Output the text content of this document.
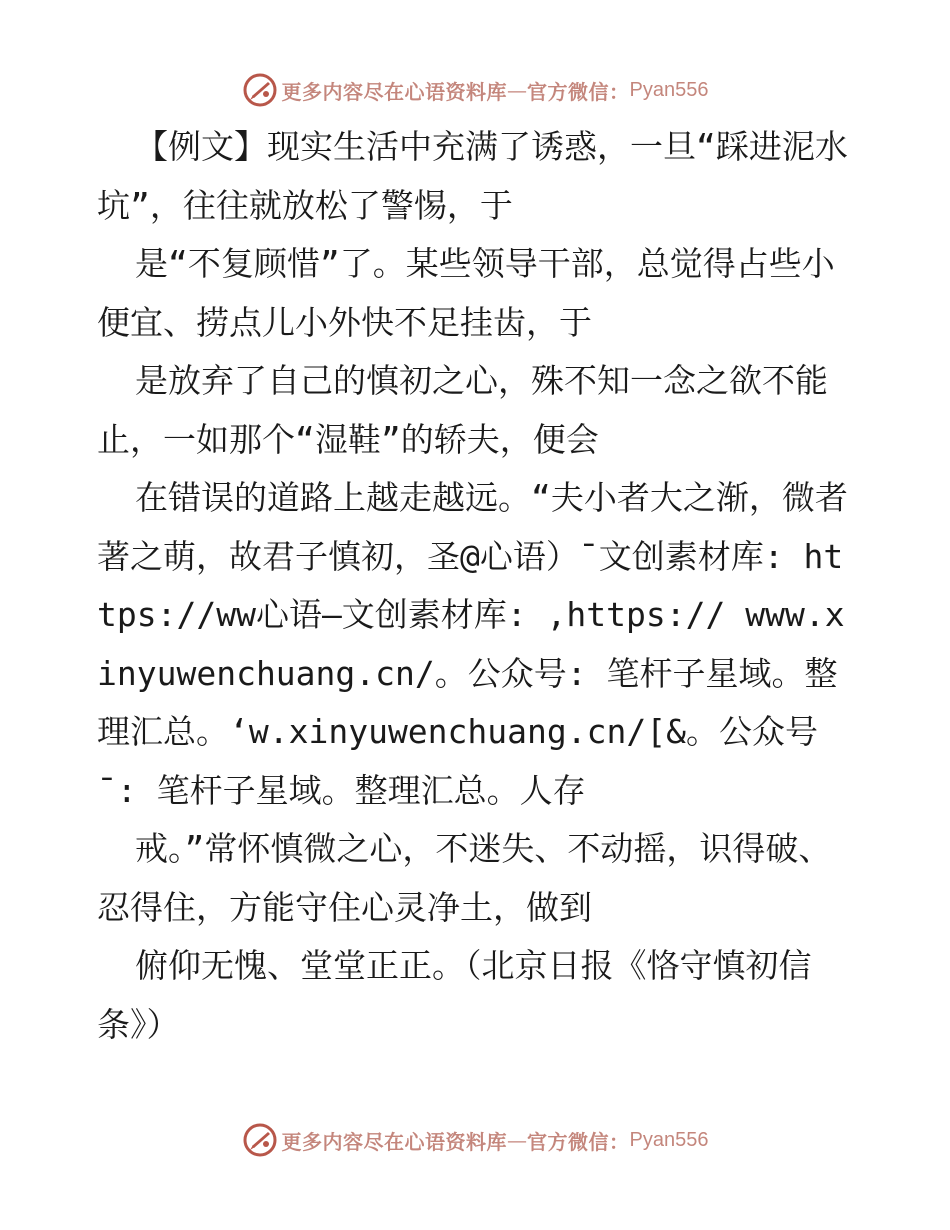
更多内容尽在心语资料库 — 官方微信： Pyan556

【例文】现实生活中充满了诱惑，一旦“踩进泥水坑”，往往就放松了警惕，于

是“不复顾惜”了。某些领导干部，总觉得占些小便宜、捞点儿小外快不足挂齿，于

是放弃了自己的慎初之心，殊不知一念之欲不能止，一如那个“湿鞋”的轿夫，便会

在错误的道路上越走越远。“夫小者大之渐，微者著之萌，故君子慎初，圣@心语）¯文创素材库: https://ww心语—文创素材库: ,https:// www.xinyuwenchuang.cn/。公众号: 笔杆子星域。整理汇总。‘w.xinyuwenchuang.cn/[&。公众号¯: 笔杆子星域。整理汇总。人存

戒。”常怀慎微之心，不迷失、不动摇，识得破、忍得住，方能守住心灵净土，做到

俯仰无愧、堂堂正正。（北京日报《恪守慎初信条》）

更多内容尽在心语资料库 — 官方微信： Pyan556
